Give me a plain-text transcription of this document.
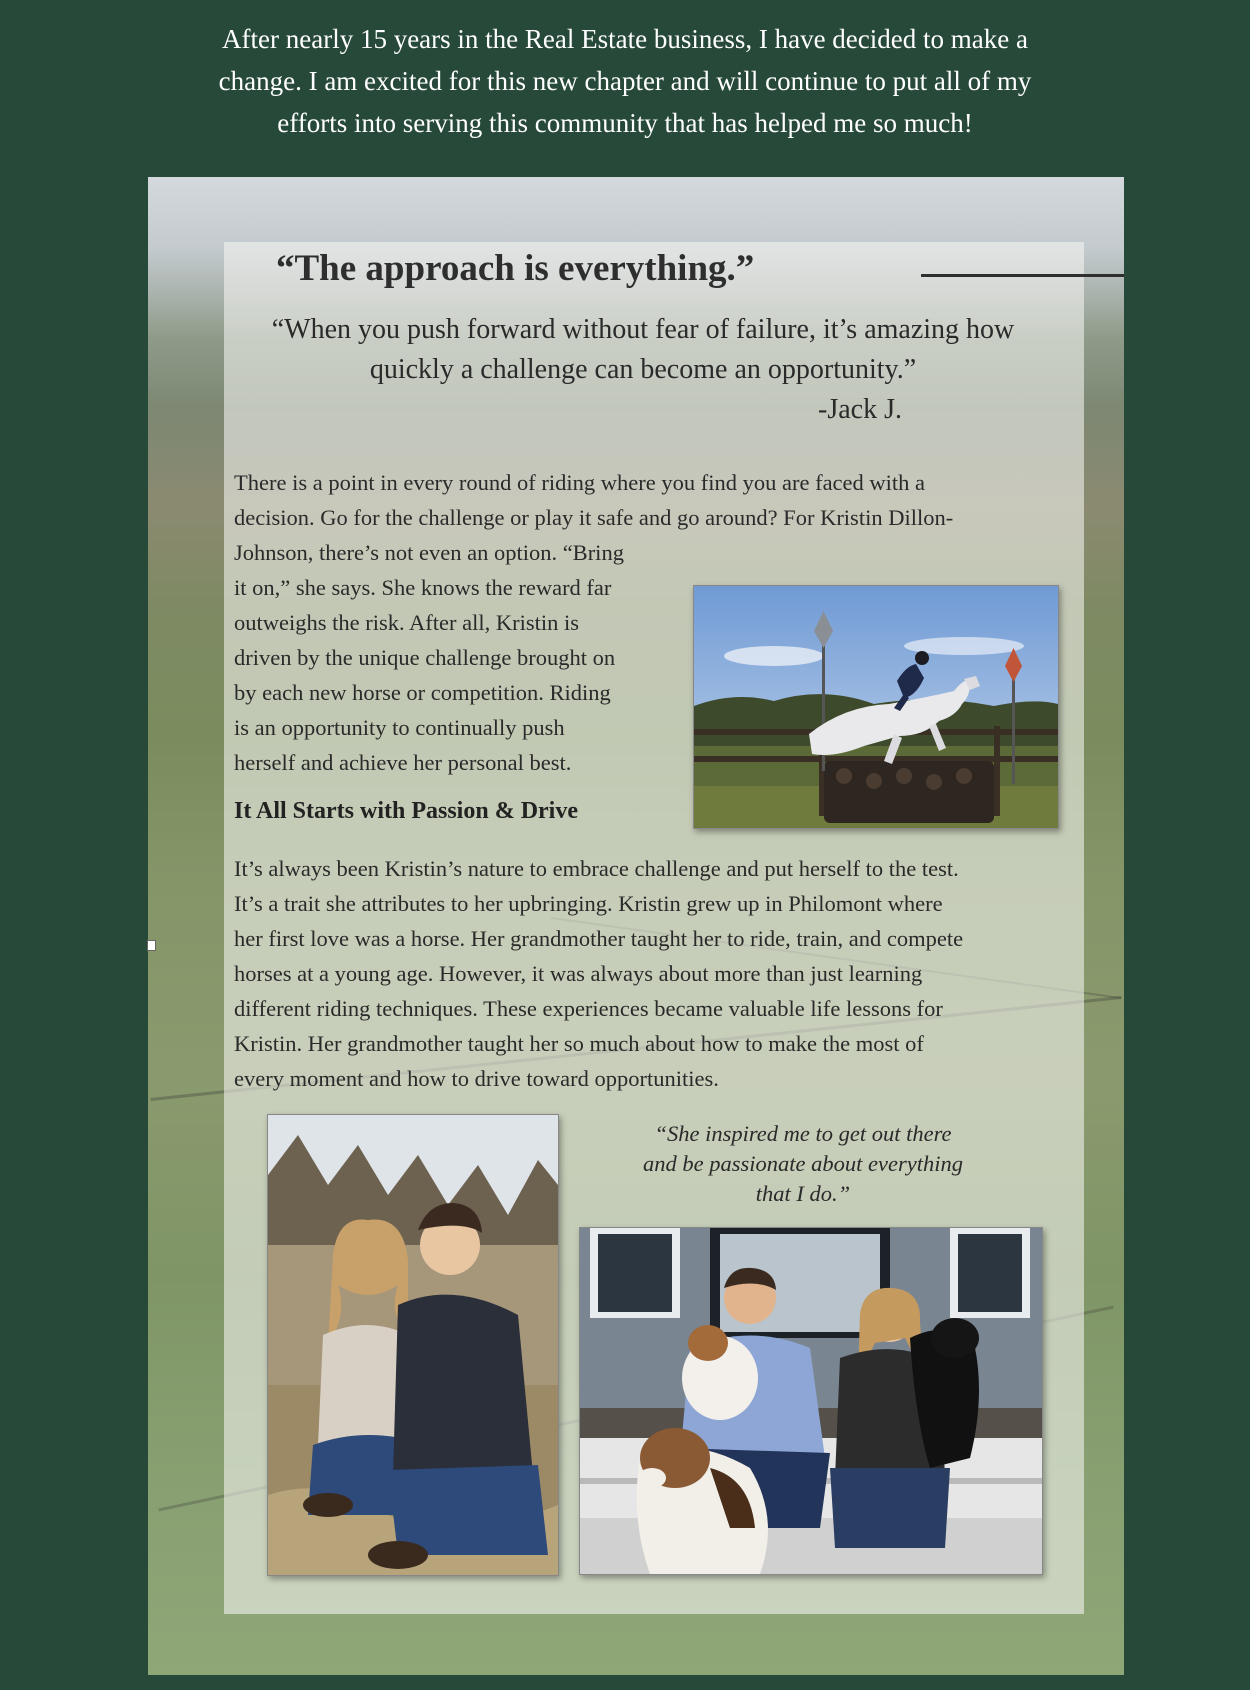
After nearly 15 years in the Real Estate business, I have decided to make a
change. I am excited for this new chapter and will continue to put all of my
efforts into serving this community that has helped me so much!
“The approach is everything.”
“When you push forward without fear of failure, it’s amazing how
quickly a challenge can become an opportunity.”
-Jack J.
There is a point in every round of riding where you find you are faced with a
decision. Go for the challenge or play it safe and go around? For Kristin Dillon-
Johnson, there’s not even an option. “Bring
it on,” she says. She knows the reward far
outweighs the risk. After all, Kristin is
driven by the unique challenge brought on
by each new horse or competition. Riding
is an opportunity to continually push
herself and achieve her personal best.
It All Starts with Passion & Drive
It’s always been Kristin’s nature to embrace challenge and put herself to the test.
It’s a trait she attributes to her upbringing. Kristin grew up in Philomont where
her first love was a horse. Her grandmother taught her to ride, train, and compete
horses at a young age. However, it was always about more than just learning
different riding techniques. These experiences became valuable life lessons for
Kristin. Her grandmother taught her so much about how to make the most of
every moment and how to drive toward opportunities.
“She inspired me to get out there
and be passionate about everything
that I do.”
